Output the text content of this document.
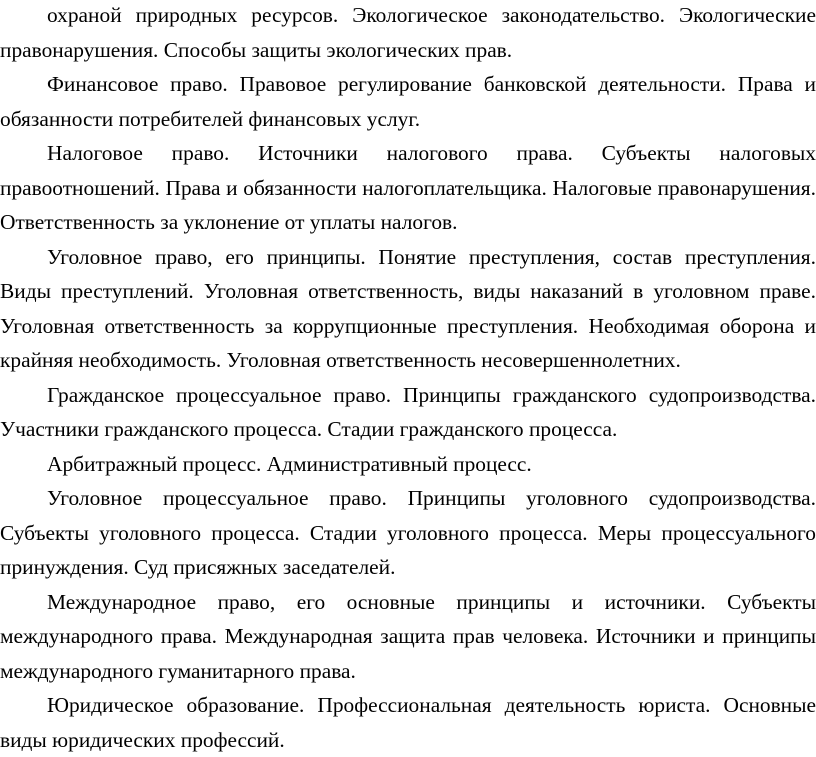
охраной природных ресурсов. Экологическое законодательство. Экологические правонарушения. Способы защиты экологических прав.

Финансовое право. Правовое регулирование банковской деятельности. Права и обязанности потребителей финансовых услуг.

Налоговое право. Источники налогового права. Субъекты налоговых правоотношений. Права и обязанности налогоплательщика. Налоговые правонарушения. Ответственность за уклонение от уплаты налогов.

Уголовное право, его принципы. Понятие преступления, состав преступления. Виды преступлений. Уголовная ответственность, виды наказаний в уголовном праве. Уголовная ответственность за коррупционные преступления. Необходимая оборона и крайняя необходимость. Уголовная ответственность несовершеннолетних.

Гражданское процессуальное право. Принципы гражданского судопроизводства. Участники гражданского процесса. Стадии гражданского процесса.

Арбитражный процесс. Административный процесс.

Уголовное процессуальное право. Принципы уголовного судопроизводства. Субъекты уголовного процесса. Стадии уголовного процесса. Меры процессуального принуждения. Суд присяжных заседателей.

Международное право, его основные принципы и источники. Субъекты международного права. Международная защита прав человека. Источники и принципы международного гуманитарного права.

Юридическое образование. Профессиональная деятельность юриста. Основные виды юридических профессий.
